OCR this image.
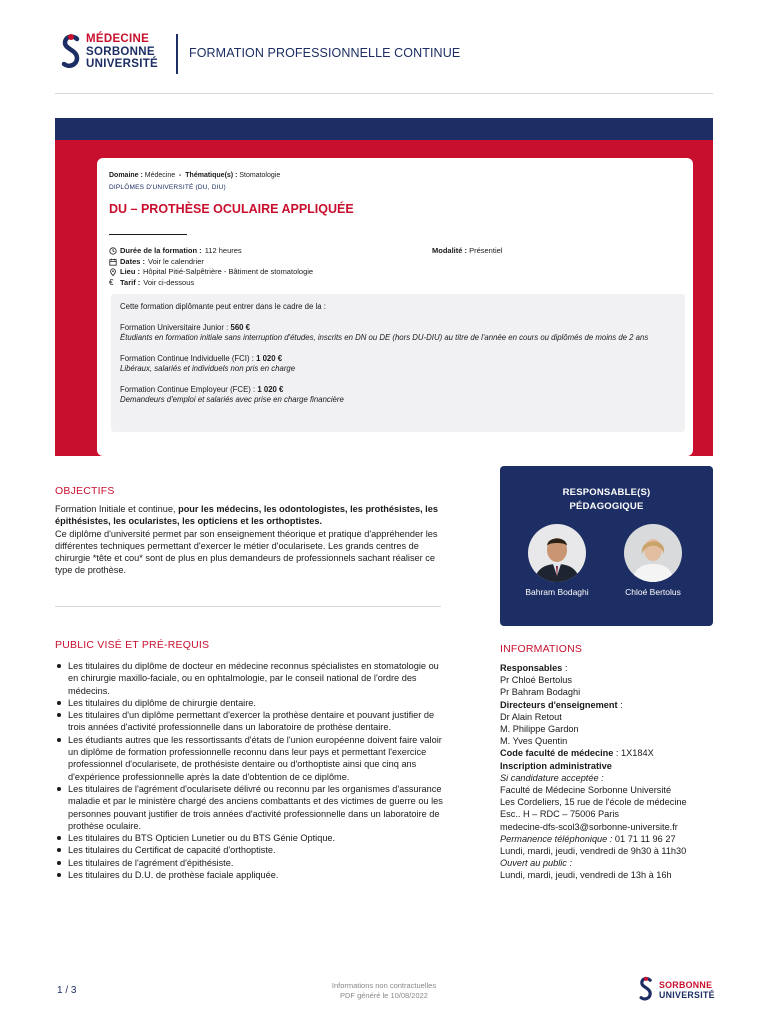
MÉDECINE
SORBONNE
UNIVERSITÉ
FORMATION PROFESSIONNELLE CONTINUE
Domaine : Médecine - Thématique(s) : Stomatologie
DIPLÔMES D'UNIVERSITÉ (DU, DIU)
DU – PROTHÈSE OCULAIRE APPLIQUÉE
Durée de la formation : 112 heures
Dates : Voir le calendrier
Lieu : Hôpital Pitié-Salpêtrière - Bâtiment de stomatologie
€ Tarif : Voir ci-dessous
Modalité : Présentiel

Cette formation diplômante peut entrer dans le cadre de la :

Formation Universitaire Junior : 560 €

Étudiants en formation initiale sans interruption d'études, inscrits en DN ou DE (hors DU-DIU) au titre de l'année en cours ou diplômés de moins de 2 ans

Formation Continue Individuelle (FCI) : 1 020 €

Libéraux, salariés et individuels non pris en charge

Formation Continue Employeur (FCE) : 1 020 €

Demandeurs d'emploi et salariés avec prise en charge financière

OBJECTIFS
Formation Initiale et continue, pour les médecins, les odontologistes, les prothésistes, les épithésistes, les ocularistes, les opticiens et les orthoptistes.
Ce diplôme d'université permet par son enseignement théorique et pratique d'appréhender les différentes techniques permettant d'exercer le métier d'ocularisete. Les grands centres de chirurgie *tête et cou* sont de plus en plus demandeurs de professionnels sachant réaliser ce type de prothèse.
PUBLIC VISÉ ET PRÉ-REQUIS
Les titulaires du diplôme de docteur en médecine reconnus spécialistes en stomatologie ou en chirurgie maxillo-faciale, ou en ophtalmologie, par le conseil national de l'ordre des médecins.
Les titulaires du diplôme de chirurgie dentaire.
Les titulaires d'un diplôme permettant d'exercer la prothèse dentaire et pouvant justifier de trois années d'activité professionnelle dans un laboratoire de prothèse dentaire.
Les étudiants autres que les ressortissants d'états de l'union européenne doivent faire valoir un diplôme de formation professionnelle reconnu dans leur pays et permettant l'exercice professionnel d'ocularisete, de prothésiste dentaire ou d'orthoptiste ainsi que cinq ans d'expérience professionnelle après la date d'obtention de ce diplôme.
Les titulaires de l'agrément d'ocularisete délivré ou reconnu par les organismes d'assurance maladie et par le ministère chargé des anciens combattants et des victimes de guerre ou les personnes pouvant justifier de trois années d'activité professionnelle dans un laboratoire de prothèse oculaire.
Les titulaires du BTS Opticien Lunetier ou du BTS Génie Optique.
Les titulaires du Certificat de capacité d'orthoptiste.
Les titulaires de l'agrément d'épithésiste.
Les titulaires du D.U. de prothèse faciale appliquée.
RESPONSABLE(S)
PÉDAGOGIQUE
Bahram Bodaghi	Chloé Bertolus
INFORMATIONS
Responsables :
Pr Chloé Bertolus
Pr Bahram Bodaghi
Directeurs d'enseignement :
Dr Alain Retout
M. Philippe Gardon
M. Yves Quentin
Code faculté de médecine : 1X184X
Inscription administrative
Si candidature acceptée :
Faculté de Médecine Sorbonne Université
Les Cordeliers, 15 rue de l'école de médecine
Esc.. H – RDC – 75006 Paris
medecine-dfs-scol3@sorbonne-universite.fr
Permanence téléphonique : 01 71 11 96 27
Lundi, mardi, jeudi, vendredi de 9h30 à 11h30
Ouvert au public :
Lundi, mardi, jeudi, vendredi de 13h à 16h
1 / 3	Informations non contractuelles
PDF généré le 10/08/2022
SORBONNE
UNIVERSITÉ
